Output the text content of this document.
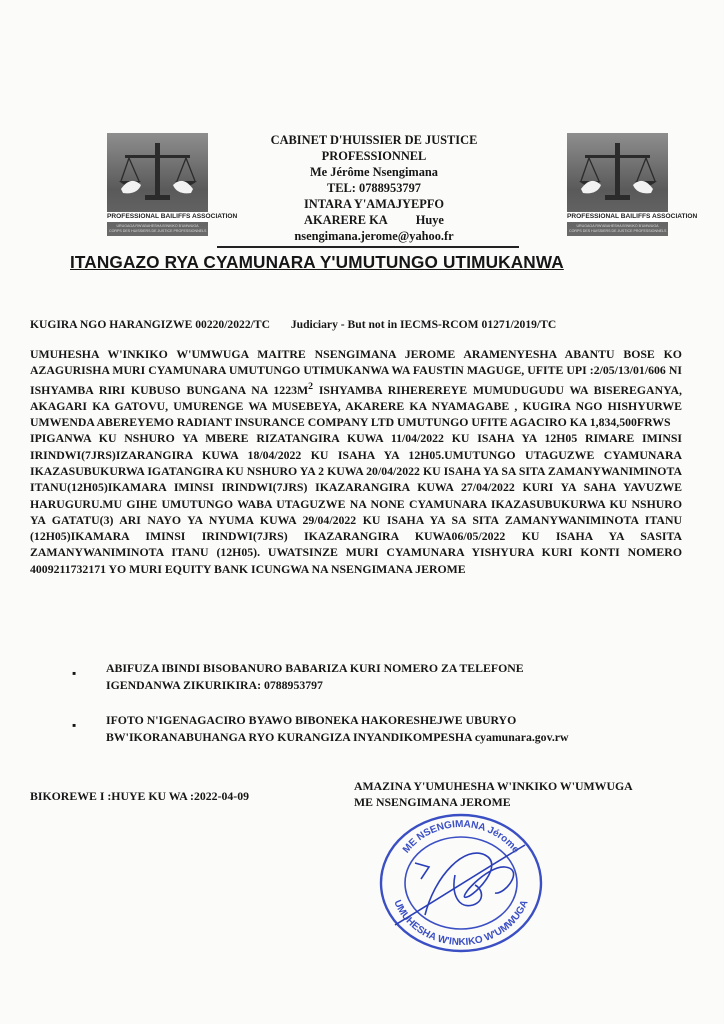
PROFESSIONAL BAILIFFS ASSOCIATION
URUGAGA RW'ABAHESHA B'INKIKO B'UMWUGA
CORPS DES HUISSIERS DE JUSTICE PROFESSIONNELS
PROFESSIONAL BAILIFFS ASSOCIATION
URUGAGA RW'ABAHESHA B'INKIKO B'UMWUGA
CORPS DES HUISSIERS DE JUSTICE PROFESSIONNELS
CABINET D'HUISSIER DE JUSTICE
PROFESSIONNEL
Me Jérôme Nsengimana
TEL: 0788953797
INTARA Y'AMAJYEPFO
AKARERE KA Huye
nsengimana.jerome@yahoo.fr
ITANGAZO RYA CYAMUNARA Y'UMUTUNGO UTIMUKANWA
KUGIRA NGO HARANGIZWE 00220/2022/TC Judiciary - But not in IECMS-RCOM 01271/2019/TC

UMUHESHA W'INKIKO W'UMWUGA MAITRE NSENGIMANA JEROME ARAMENYESHA ABANTU BOSE KO AZAGURISHA MURI CYAMUNARA UMUTUNGO UTIMUKANWA WA FAUSTIN MAGUGE, UFITE UPI :2/05/13/01/606 NI ISHYAMBA RIRI KUBUSO BUNGANA NA $1223M^2$ ISHYAMBA RIHEREREYE MUMUDUGUDU WA BISEREGANYA, AKAGARI KA GATOVU, UMURENGE WA MUSEBEYA, AKARERE KA NYAMAGABE , KUGIRA NGO HISHYURWE UMWENDA ABEREYEMO RADIANT INSURANCE COMPANY LTD UMUTUNGO UFITE AGACIRO KA 1,834,500FRWS

IPIGANWA KU NSHURO YA MBERE RIZATANGIRA KUWA 11/04/2022 KU ISAHA YA 12H05 RIMARE IMINSI IRINDWI(7JRS)IZARANGIRA KUWA 18/04/2022 KU ISAHA YA 12H05.UMUTUNGO UTAGUZWE CYAMUNARA IKAZASUBUKURWA IGATANGIRA KU NSHURO YA 2 KUWA 20/04/2022 KU ISAHA YA SA SITA ZAMANYWANIMINOTA ITANU(12H05)IKAMARA IMINSI IRINDWI(7JRS) IKAZARANGIRA KUWA 27/04/2022 KURI YA SAHA YAVUZWE HARUGURU.MU GIHE UMUTUNGO WABA UTAGUZWE NA NONE CYAMUNARA IKAZASUBUKURWA KU NSHURO YA GATATU(3) ARI NAYO YA NYUMA KUWA 29/04/2022 KU ISAHA YA SA SITA ZAMANYWANIMINOTA ITANU (12H05)IKAMARA IMINSI IRINDWI(7JRS) IKAZARANGIRA KUWA06/05/2022 KU ISAHA YA SASITA ZAMANYWANIMINOTA ITANU (12H05). UWATSINZE MURI CYAMUNARA YISHYURA KURI KONTI NOMERO 4009211732171 YO MURI EQUITY BANK ICUNGWA NA NSENGIMANA JEROME

▪	ABIFUZA IBINDI BISOBANURO BABARIZA KURI NOMERO ZA TELEFONE
IGENDANWA ZIKURIKIRA: 0788953797
▪	IFOTO N'IGENAGACIRO BYAWO BIBONEKA HAKORESHEJWE UBURYO
BW'IKORANABUHANGA RYO KURANGIZA INYANDIKOMPESHA cyamunara.gov.rw
BIKOREWE I :HUYE KU WA :2022-04-09
AMAZINA Y'UMUHESHA W'INKIKO W'UMWUGA
ME NSENGIMANA JEROME
ME NSENGIMANA Jérome
UMUHESHA W'INKIKO W'UMWUGA
